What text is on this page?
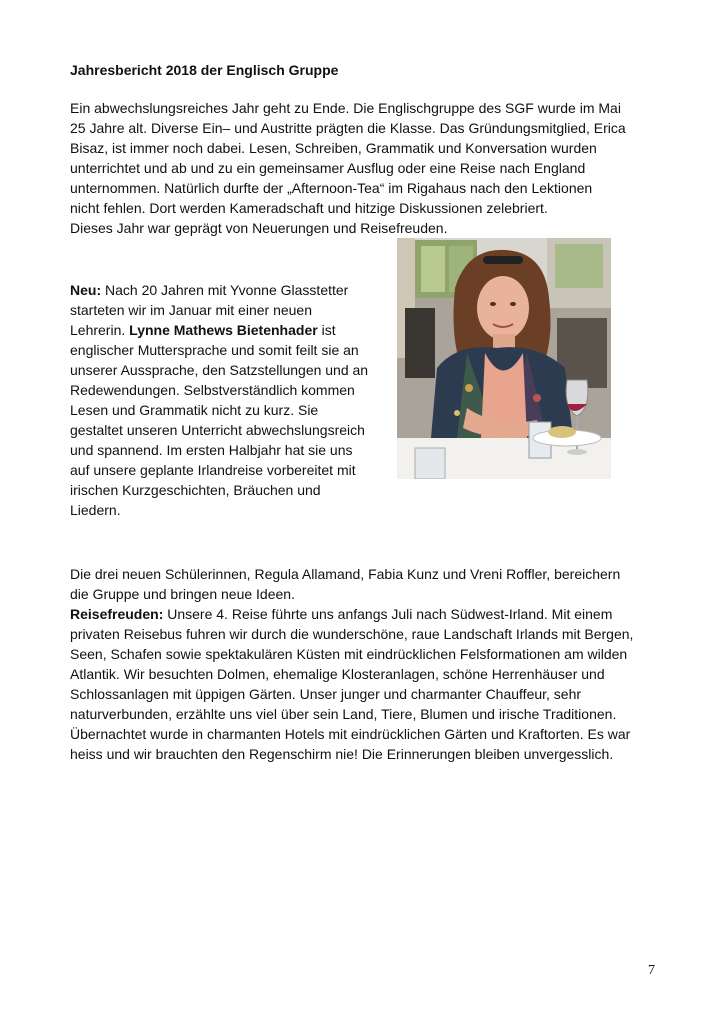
Jahresbericht 2018 der Englisch Gruppe

Ein abwechslungsreiches Jahr geht zu Ende. Die Englischgruppe des SGF wurde im Mai
25 Jahre alt. Diverse Ein– und Austritte prägten die Klasse. Das Gründungsmitglied, Erica
Bisaz, ist immer noch dabei. Lesen, Schreiben, Grammatik und Konversation wurden
unterrichtet und ab und zu ein gemeinsamer Ausflug oder eine Reise nach England
unternommen. Natürlich durfte der „Afternoon-Tea“ im Rigahaus nach den Lektionen
nicht fehlen. Dort werden Kameradschaft und hitzige Diskussionen zelebriert.
Dieses Jahr war geprägt von Neuerungen und Reisefreuden.

Neu: Nach 20 Jahren mit Yvonne Glasstetter starteten wir im Januar mit einer neuen Lehrerin. Lynne Mathews Bietenhader ist englischer Muttersprache und somit feilt sie an unserer Aussprache, den Satzstellungen und an Redewendungen. Selbstverständlich kommen Lesen und Grammatik nicht zu kurz. Sie gestaltet unseren Unterricht abwechslungsreich und spannend. Im ersten Halbjahr hat sie uns auf unsere geplante Irlandreise vorbereitet mit irischen Kurzgeschichten, Bräuchen und Liedern.

Die drei neuen Schülerinnen, Regula Allamand, Fabia Kunz und Vreni Roffler, bereichern die Gruppe und bringen neue Ideen.
Reisefreuden: Unsere 4. Reise führte uns anfangs Juli nach Südwest-Irland. Mit einem privaten Reisebus fuhren wir durch die wunderschöne, raue Landschaft Irlands mit Bergen, Seen, Schafen sowie spektakulären Küsten mit eindrücklichen Felsformationen am wilden Atlantik. Wir besuchten Dolmen, ehemalige Klosteranlagen, schöne Herrenhäuser und Schlossanlagen mit üppigen Gärten. Unser junger und charmanter Chauffeur, sehr naturverbunden, erzählte uns viel über sein Land, Tiere, Blumen und irische Traditionen. Übernachtet wurde in charmanten Hotels mit eindrücklichen Gärten und Kraftorten. Es war heiss und wir brauchten den Regenschirm nie! Die Erinnerungen bleiben unvergesslich.

7
